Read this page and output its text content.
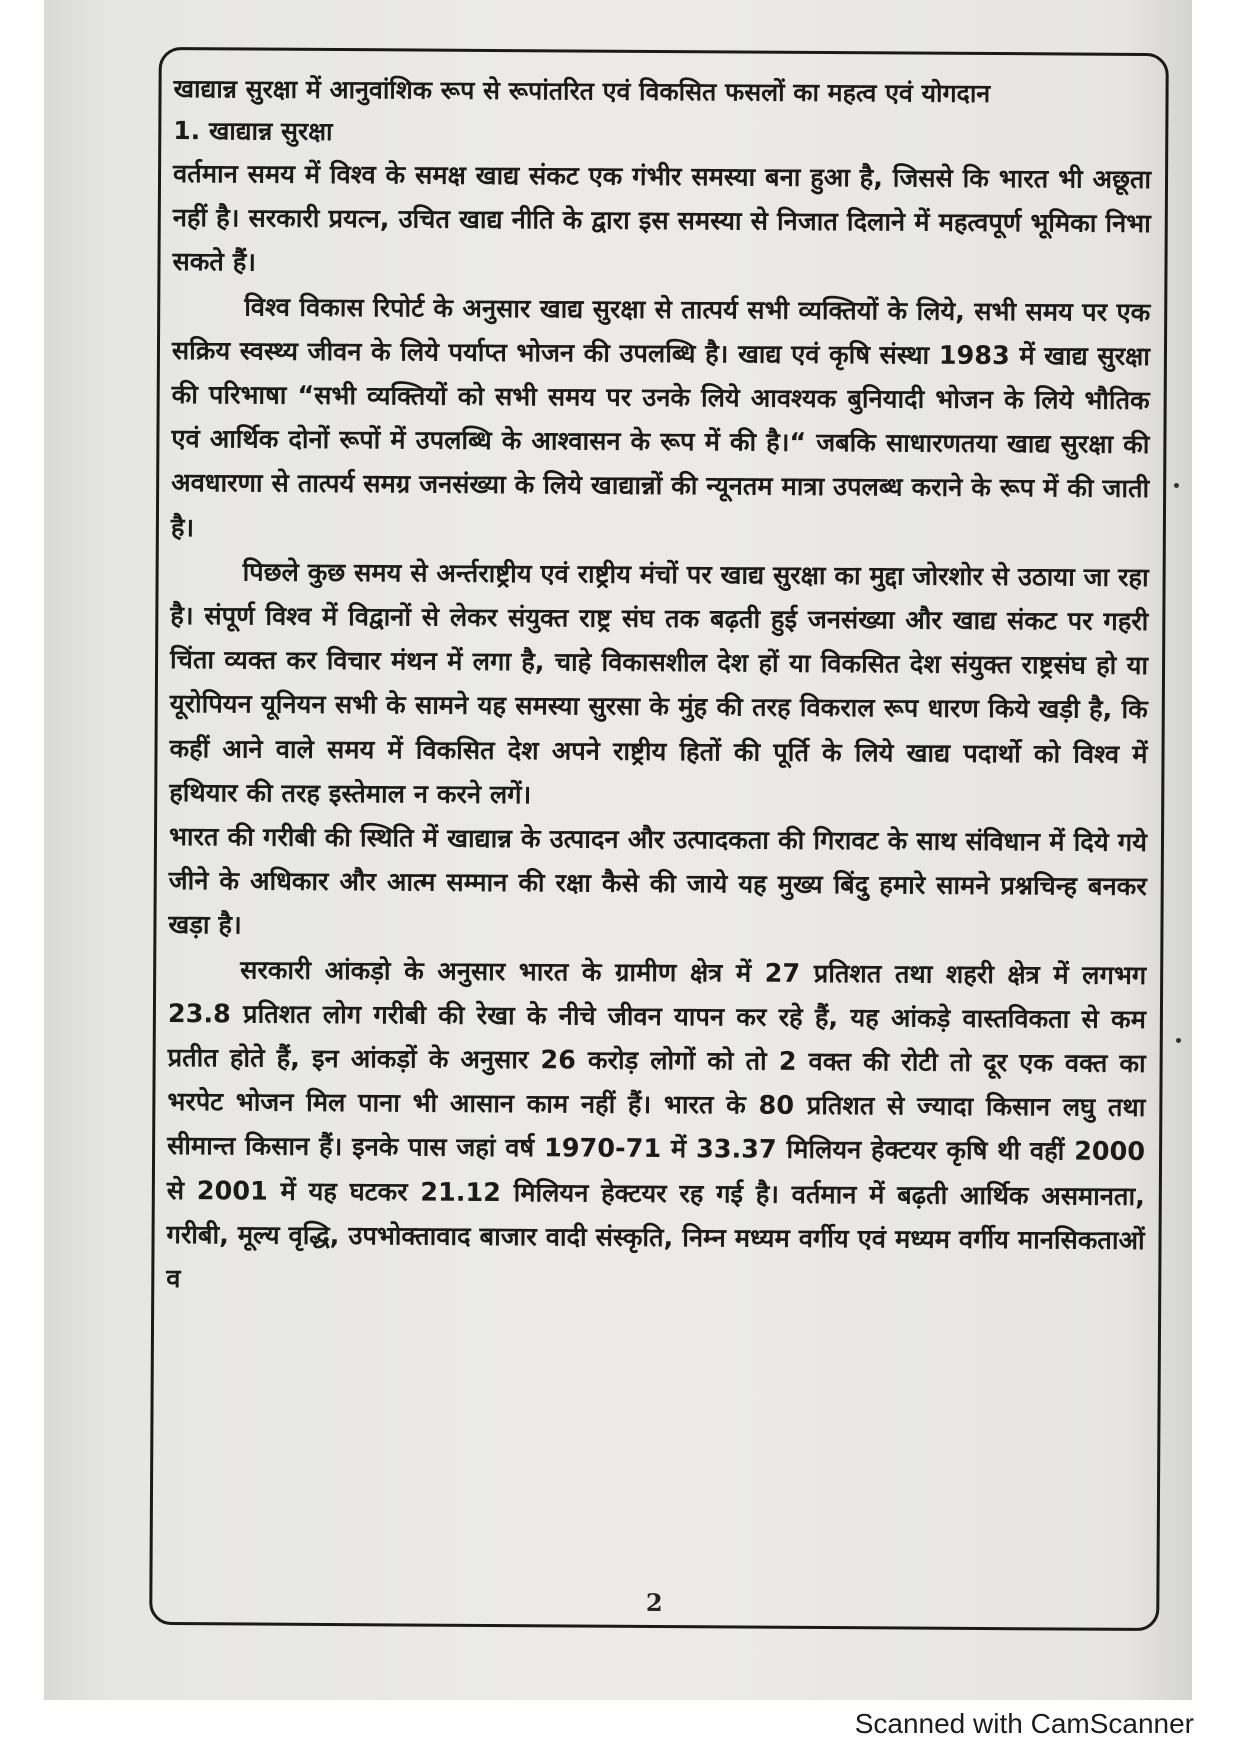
खाद्यान्न सुरक्षा में आनुवांशिक रूप से रूपांतरित एवं विकसित फसलों का महत्व एवं योगदान

1. खाद्यान्न सुरक्षा

वर्तमान समय में विश्व के समक्ष खाद्य संकट एक गंभीर समस्या बना हुआ है, जिससे कि भारत भी अछूता नहीं है। सरकारी प्रयत्न, उचित खाद्य नीति के द्वारा इस समस्या से निजात दिलाने में महत्वपूर्ण भूमिका निभा सकते हैं।

विश्व विकास रिपोर्ट के अनुसार खाद्य सुरक्षा से तात्पर्य सभी व्यक्तियों के लिये, सभी समय पर एक सक्रिय स्वस्थ्य जीवन के लिये पर्याप्त भोजन की उपलब्धि है। खाद्य एवं कृषि संस्था 1983 में खाद्य सुरक्षा की परिभाषा “सभी व्यक्तियों को सभी समय पर उनके लिये आवश्यक बुनियादी भोजन के लिये भौतिक एवं आर्थिक दोनों रूपों में उपलब्धि के आश्वासन के रूप में की है।“ जबकि साधारणतया खाद्य सुरक्षा की अवधारणा से तात्पर्य समग्र जनसंख्या के लिये खाद्यान्नों की न्यूनतम मात्रा उपलब्ध कराने के रूप में की जाती है।

पिछले कुछ समय से अर्न्तराष्ट्रीय एवं राष्ट्रीय मंचों पर खाद्य सुरक्षा का मुद्दा जोरशोर से उठाया जा रहा है। संपूर्ण विश्व में विद्वानों से लेकर संयुक्त राष्ट्र संघ तक बढ़ती हुई जनसंख्या और खाद्य संकट पर गहरी चिंता व्यक्त कर विचार मंथन में लगा है, चाहे विकासशील देश हों या विकसित देश संयुक्त राष्ट्रसंघ हो या यूरोपियन यूनियन सभी के सामने यह समस्या सुरसा के मुंह की तरह विकराल रूप धारण किये खड़ी है, कि कहीं आने वाले समय में विकसित देश अपने राष्ट्रीय हितों की पूर्ति के लिये खाद्य पदार्थो को विश्व में हथियार की तरह इस्तेमाल न करने लगें।

भारत की गरीबी की स्थिति में खाद्यान्न के उत्पादन और उत्पादकता की गिरावट के साथ संविधान में दिये गये जीने के अधिकार और आत्म सम्मान की रक्षा कैसे की जाये यह मुख्य बिंदु हमारे सामने प्रश्नचिन्ह बनकर खड़ा है।

सरकारी आंकड़ो के अनुसार भारत के ग्रामीण क्षेत्र में 27 प्रतिशत तथा शहरी क्षेत्र में लगभग 23.8 प्रतिशत लोग गरीबी की रेखा के नीचे जीवन यापन कर रहे हैं, यह आंकड़े वास्तविकता से कम प्रतीत होते हैं, इन आंकड़ों के अनुसार 26 करोड़ लोगों को तो 2 वक्त की रोटी तो दूर एक वक्त का भरपेट भोजन मिल पाना भी आसान काम नहीं हैं। भारत के 80 प्रतिशत से ज्यादा किसान लघु तथा सीमान्त किसान हैं। इनके पास जहां वर्ष 1970-71 में 33.37 मिलियन हेक्टयर कृषि थी वहीं 2000 से 2001 में यह घटकर 21.12 मिलियन हेक्टयर रह गई है। वर्तमान में बढ़ती आर्थिक असमानता, गरीबी, मूल्य वृद्धि, उपभोक्तावाद बाजार वादी संस्कृति, निम्न मध्यम वर्गीय एवं मध्यम वर्गीय मानसिकताओं व

2
Scanned with CamScanner
